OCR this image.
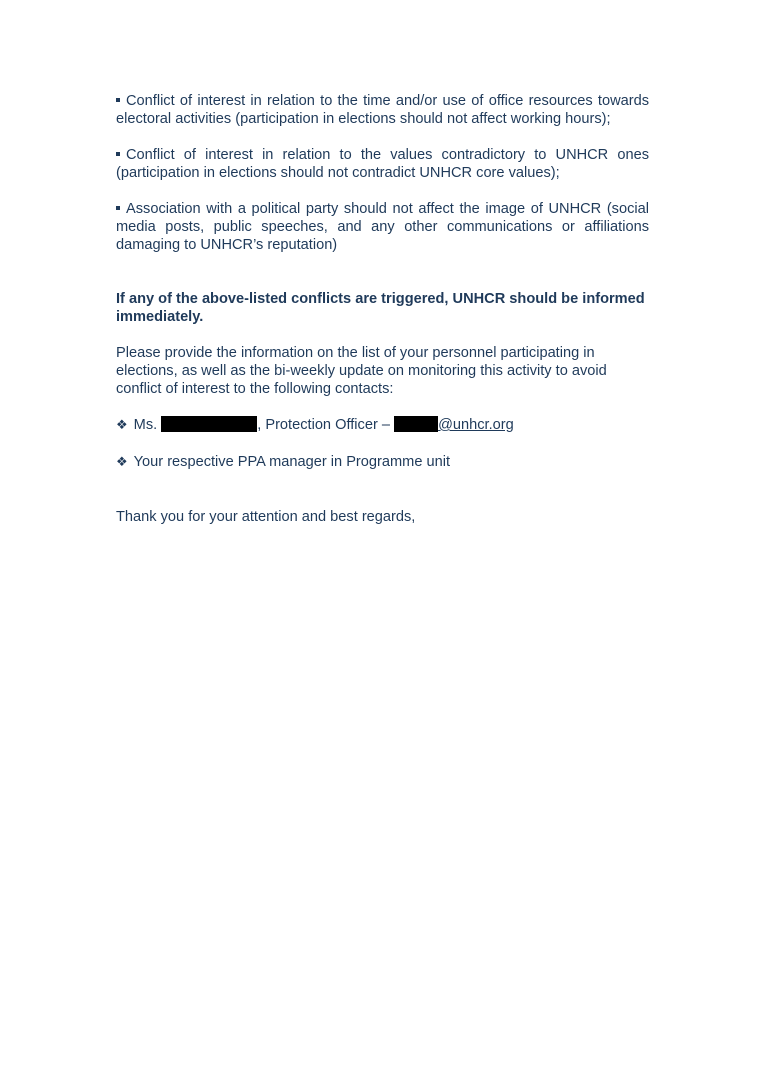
Conflict of interest in relation to the time and/or use of office resources towards electoral activities (participation in elections should not affect working hours);

Conflict of interest in relation to the values contradictory to UNHCR ones (participation in elections should not contradict UNHCR core values);

Association with a political party should not affect the image of UNHCR (social media posts, public speeches, and any other communications or affiliations damaging to UNHCR’s reputation)

If any of the above-listed conflicts are triggered, UNHCR should be informed immediately.

Please provide the information on the list of your personnel participating in elections, as well as the bi-weekly update on monitoring this activity to avoid conflict of interest to the following contacts:

❖ Ms.	, Protection Officer –	@unhcr.org

❖ Your respective PPA manager in Programme unit

Thank you for your attention and best regards,
